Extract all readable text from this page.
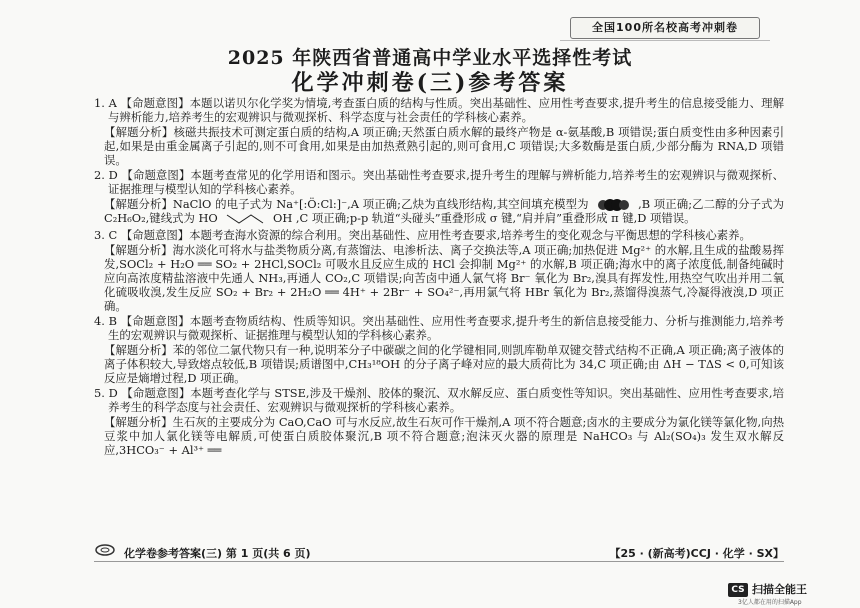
全国100所名校高考冲刺卷
2025 年陕西省普通高中学业水平选择性考试
化学冲刺卷(三)参考答案

1. A 【命题意图】本题以诺贝尔化学奖为情境,考查蛋白质的结构与性质。突出基础性、应用性考查要求,提升考生的信息接受能力、理解与辨析能力,培养考生的宏观辨识与微观探析、科学态度与社会责任的学科核心素养。

【解题分析】核磁共振技术可测定蛋白质的结构,A 项正确;天然蛋白质水解的最终产物是 α-氨基酸,B 项错误;蛋白质变性由多种因素引起,如果是由重金属离子引起的,则不可食用,如果是由加热煮熟引起的,则可食用,C 项错误;大多数酶是蛋白质,少部分酶为 RNA,D 项错误。

2. D 【命题意图】本题考查常见的化学用语和图示。突出基础性考查要求,提升考生的理解与辨析能力,培养考生的宏观辨识与微观探析、证据推理与模型认知的学科核心素养。

【解题分析】NaClO 的电子式为 Na⁺[:Ö:Cl:]⁻,A 项正确;乙炔为直线形结构,其空间填充模型为	,B 项正确;乙二醇的分子式为 C₂H₆O₂,键线式为 HO	OH ,C 项正确;p-p 轨道“头碰头”重叠形成 σ 键,“肩并肩”重叠形成 π 键,D 项错误。

3. C 【命题意图】本题考查海水资源的综合利用。突出基础性、应用性考查要求,培养考生的变化观念与平衡思想的学科核心素养。

【解题分析】海水淡化可将水与盐类物质分离,有蒸馏法、电渗析法、离子交换法等,A 项正确;加热促进 Mg²⁺ 的水解,且生成的盐酸易挥发,SOCl₂ + H₂O ══ SO₂ + 2HCl,SOCl₂ 可吸水且反应生成的 HCl 会抑制 Mg²⁺ 的水解,B 项正确;海水中的离子浓度低,制备纯碱时应向高浓度精盐溶液中先通人 NH₃,再通人 CO₂,C 项错误;向苦卤中通人氯气将 Br⁻ 氧化为 Br₂,溴具有挥发性,用热空气吹出并用二氧化硫吸收溴,发生反应 SO₂ + Br₂ + 2H₂O ══ 4H⁺ + 2Br⁻ + SO₄²⁻,再用氯气将 HBr 氧化为 Br₂,蒸馏得溴蒸气,冷凝得液溴,D 项正确。

4. B 【命题意图】本题考查物质结构、性质等知识。突出基础性、应用性考查要求,提升考生的新信息接受能力、分析与推测能力,培养考生的宏观辨识与微观探析、证据推理与模型认知的学科核心素养。

【解题分析】苯的邻位二氯代物只有一种,说明苯分子中碳碳之间的化学键相同,则凯库勒单双键交替式结构不正确,A 项正确;离子液体的离子体积较大,导致熔点较低,B 项错误;质谱图中,CH₃¹⁸OH 的分子离子峰对应的最大质荷比为 34,C 项正确;由 ΔH − TΔS < 0,可知该反应是熵增过程,D 项正确。

5. D 【命题意图】本题考查化学与 STSE,涉及干燥剂、胶体的聚沉、双水解反应、蛋白质变性等知识。突出基础性、应用性考查要求,培养考生的科学态度与社会责任、宏观辨识与微观探析的学科核心素养。

【解题分析】生石灰的主要成分为 CaO,CaO 可与水反应,故生石灰可作干燥剂,A 项不符合题意;卤水的主要成分为氯化镁等氯化物,向热豆浆中加人氯化镁等电解质,可使蛋白质胶体聚沉,B 项不符合题意;泡沫灭火器的原理是 NaHCO₃ 与 Al₂(SO₄)₃ 发生双水解反应,3HCO₃⁻ + Al³⁺ ══

化学卷参考答案(三) 第 1 页(共 6 页)	【25 · (新高考)CCJ · 化学 · SX】
CS 扫描全能王
3亿人都在用的扫描App
